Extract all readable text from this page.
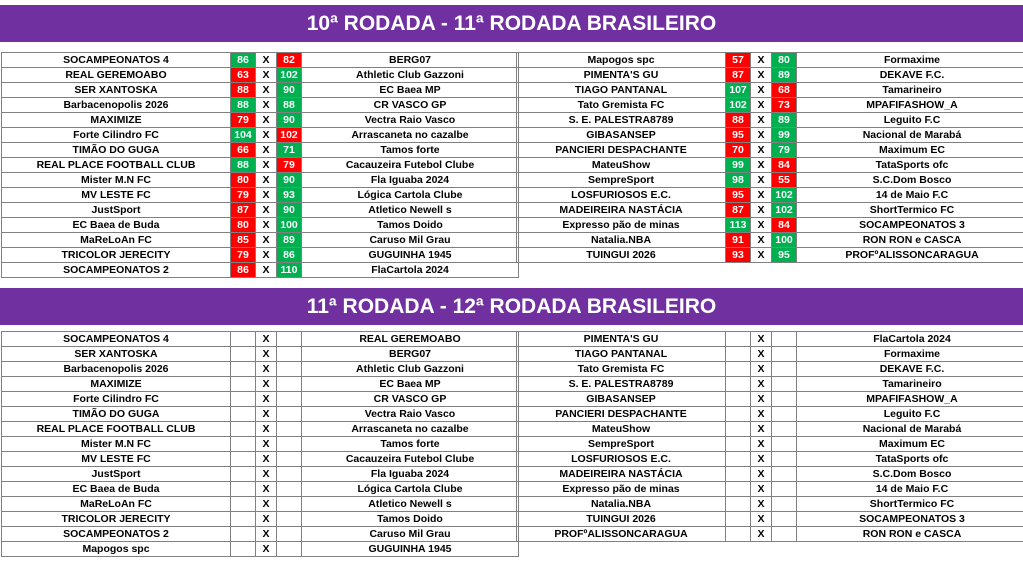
10ª RODADA - 11ª RODADA BRASILEIRO
SOCAMPEONATOS 4	86	X	82	BERG07
REAL GEREMOABO	63	X	102	Athletic Club Gazzoni
SER XANTOSKA	88	X	90	EC Baea MP
Barbacenopolis 2026	88	X	88	CR VASCO GP
MAXIMIZE	79	X	90	Vectra Raio Vasco
Forte Cilindro FC	104	X	102	Arrascaneta no cazalbe
TIMÃO DO GUGA	66	X	71	Tamos forte
REAL PLACE FOOTBALL CLUB	88	X	79	Cacauzeira Futebol Clube
Mister M.N FC	80	X	90	Fla Iguaba 2024
MV LESTE FC	79	X	93	Lógica Cartola Clube
JustSport	87	X	90	Atletico Newell s
EC Baea de Buda	80	X	100	Tamos Doido
MaReLoAn FC	85	X	89	Caruso Mil Grau
TRICOLOR JERECITY	79	X	86	GUGUINHA 1945
SOCAMPEONATOS 2	86	X	110	FlaCartola 2024
Mapogos spc	57	X	80	Formaxime
PIMENTA'S GU	87	X	89	DEKAVE F.C.
TIAGO PANTANAL	107	X	68	Tamarineiro
Tato Gremista FC	102	X	73	MPAFIFASHOW_A
S. E. PALESTRA8789	88	X	89	Leguito F.C
GIBASANSEP	95	X	99	Nacional de Marabá
PANCIERI DESPACHANTE	70	X	79	Maximum EC
MateuShow	99	X	84	TataSports ofc
SempreSport	98	X	55	S.C.Dom Bosco
LOSFURIOSOS E.C.	95	X	102	14 de Maio F.C
MADEIREIRA NASTÁCIA	87	X	102	ShortTermico FC
Expresso pão de minas	113	X	84	SOCAMPEONATOS 3
Natalia.NBA	91	X	100	RON RON e CASCA
TUINGUI 2026	93	X	95	PROFºALISSONCARAGUA
11ª RODADA - 12ª RODADA BRASILEIRO
SOCAMPEONATOS 4		X		REAL GEREMOABO
SER XANTOSKA		X		BERG07
Barbacenopolis 2026		X		Athletic Club Gazzoni
MAXIMIZE		X		EC Baea MP
Forte Cilindro FC		X		CR VASCO GP
TIMÃO DO GUGA		X		Vectra Raio Vasco
REAL PLACE FOOTBALL CLUB		X		Arrascaneta no cazalbe
Mister M.N FC		X		Tamos forte
MV LESTE FC		X		Cacauzeira Futebol Clube
JustSport		X		Fla Iguaba 2024
EC Baea de Buda		X		Lógica Cartola Clube
MaReLoAn FC		X		Atletico Newell s
TRICOLOR JERECITY		X		Tamos Doido
SOCAMPEONATOS 2		X		Caruso Mil Grau
Mapogos spc		X		GUGUINHA 1945
PIMENTA'S GU		X		FlaCartola 2024
TIAGO PANTANAL		X		Formaxime
Tato Gremista FC		X		DEKAVE F.C.
S. E. PALESTRA8789		X		Tamarineiro
GIBASANSEP		X		MPAFIFASHOW_A
PANCIERI DESPACHANTE		X		Leguito F.C
MateuShow		X		Nacional de Marabá
SempreSport		X		Maximum EC
LOSFURIOSOS E.C.		X		TataSports ofc
MADEIREIRA NASTÁCIA		X		S.C.Dom Bosco
Expresso pão de minas		X		14 de Maio F.C
Natalia.NBA		X		ShortTermico FC
TUINGUI 2026		X		SOCAMPEONATOS 3
PROFºALISSONCARAGUA		X		RON RON e CASCA
